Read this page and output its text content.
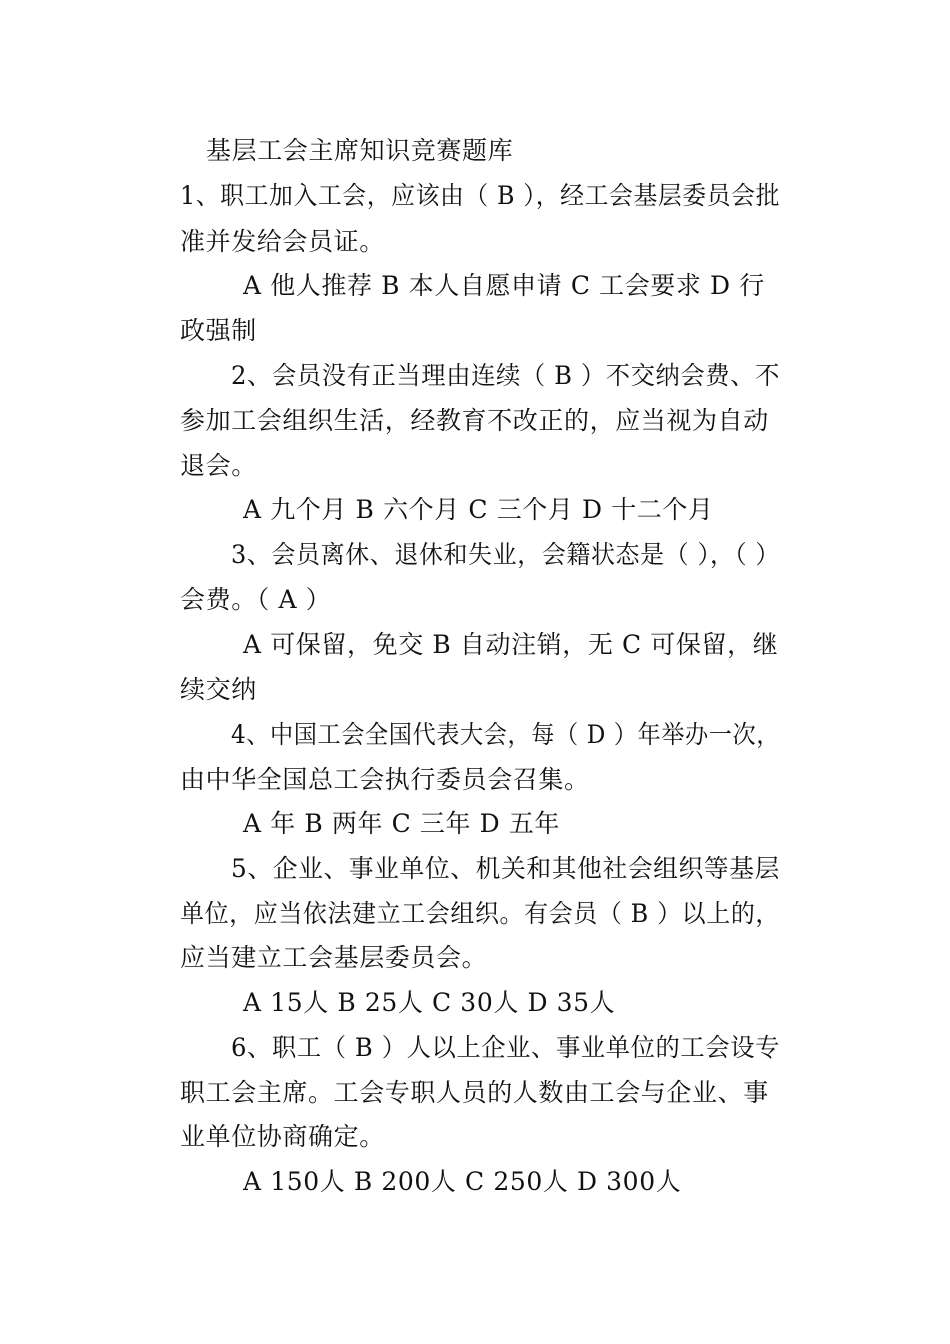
基层工会主席知识竞赛题库
1、职工加入工会，应该由（ B ），经工会基层委员会批
准并发给会员证。
A 他人推荐 B 本人自愿申请 C 工会要求 D 行
政强制
2、会员没有正当理由连续（ B ）不交纳会费、不
参加工会组织生活，经教育不改正的，应当视为自动
退会。
A 九个月 B 六个月 C 三个月 D 十二个月
3、会员离休、退休和失业，会籍状态是（ ），（ ）
会费。（ A ）
A 可保留，免交 B 自动注销，无 C 可保留，继
续交纳
4、中国工会全国代表大会，每（ D ）年举办一次，
由中华全国总工会执行委员会召集。
A 年 B 两年 C 三年 D 五年
5、企业、事业单位、机关和其他社会组织等基层
单位，应当依法建立工会组织。有会员（ B ）以上的，
应当建立工会基层委员会。
A 15人 B 25人 C 30人 D 35人
6、职工（ B ）人以上企业、事业单位的工会设专
职工会主席。工会专职人员的人数由工会与企业、事
业单位协商确定。
A 150人 B 200人 C 250人 D 300人
